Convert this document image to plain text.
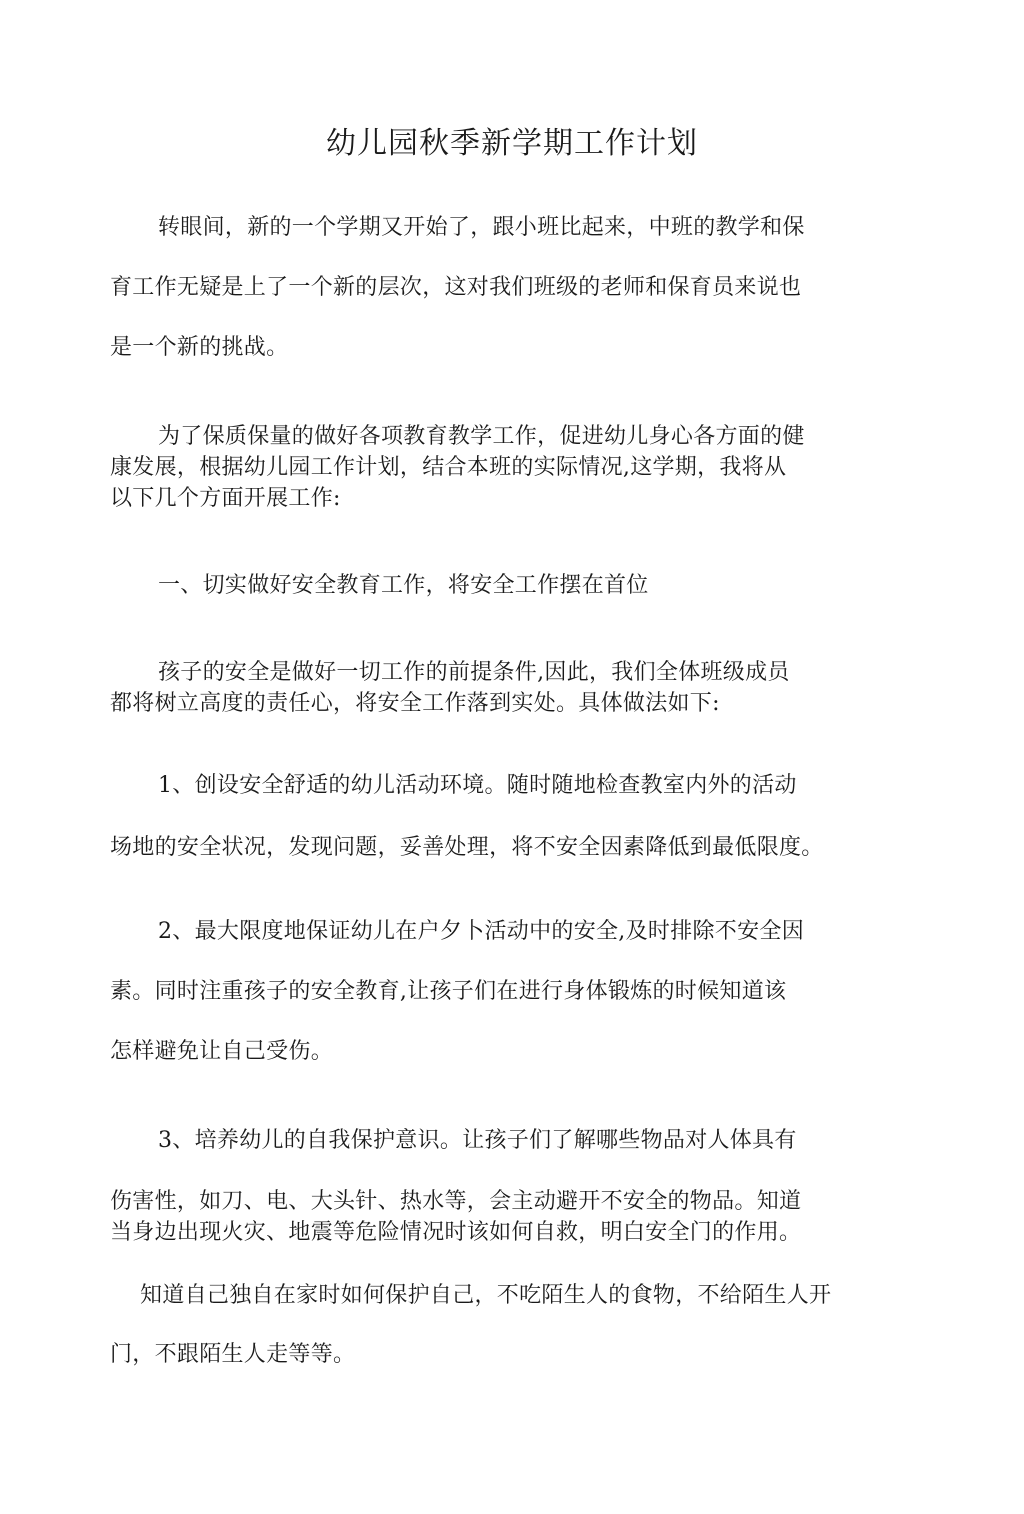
幼儿园秋季新学期工作计划
转眼间，新的一个学期又开始了，跟小班比起来，中班的教学和保
育工作无疑是上了一个新的层次，这对我们班级的老师和保育员来说也
是一个新的挑战。
为了保质保量的做好各项教育教学工作，促进幼儿身心各方面的健
康发展，根据幼儿园工作计划，结合本班的实际情况,这学期，我将从
以下几个方面开展工作:
一、切实做好安全教育工作，将安全工作摆在首位
孩子的安全是做好一切工作的前提条件,因此，我们全体班级成员
都将树立高度的责任心，将安全工作落到实处。具体做法如下:
1、创设安全舒适的幼儿活动环境。随时随地检查教室内外的活动
场地的安全状况，发现问题，妥善处理，将不安全因素降低到最低限度。
2、最大限度地保证幼儿在户夕卜活动中的安全,及时排除不安全因
素。同时注重孩子的安全教育,让孩子们在进行身体锻炼的时候知道该
怎样避免让自己受伤。
3、培养幼儿的自我保护意识。让孩子们了解哪些物品对人体具有
伤害性，如刀、电、大头针、热水等，会主动避开不安全的物品。知道
当身边出现火灾、地震等危险情况时该如何自救，明白安全门的作用。
知道自己独自在家时如何保护自己，不吃陌生人的食物，不给陌生人开
门，不跟陌生人走等等。
